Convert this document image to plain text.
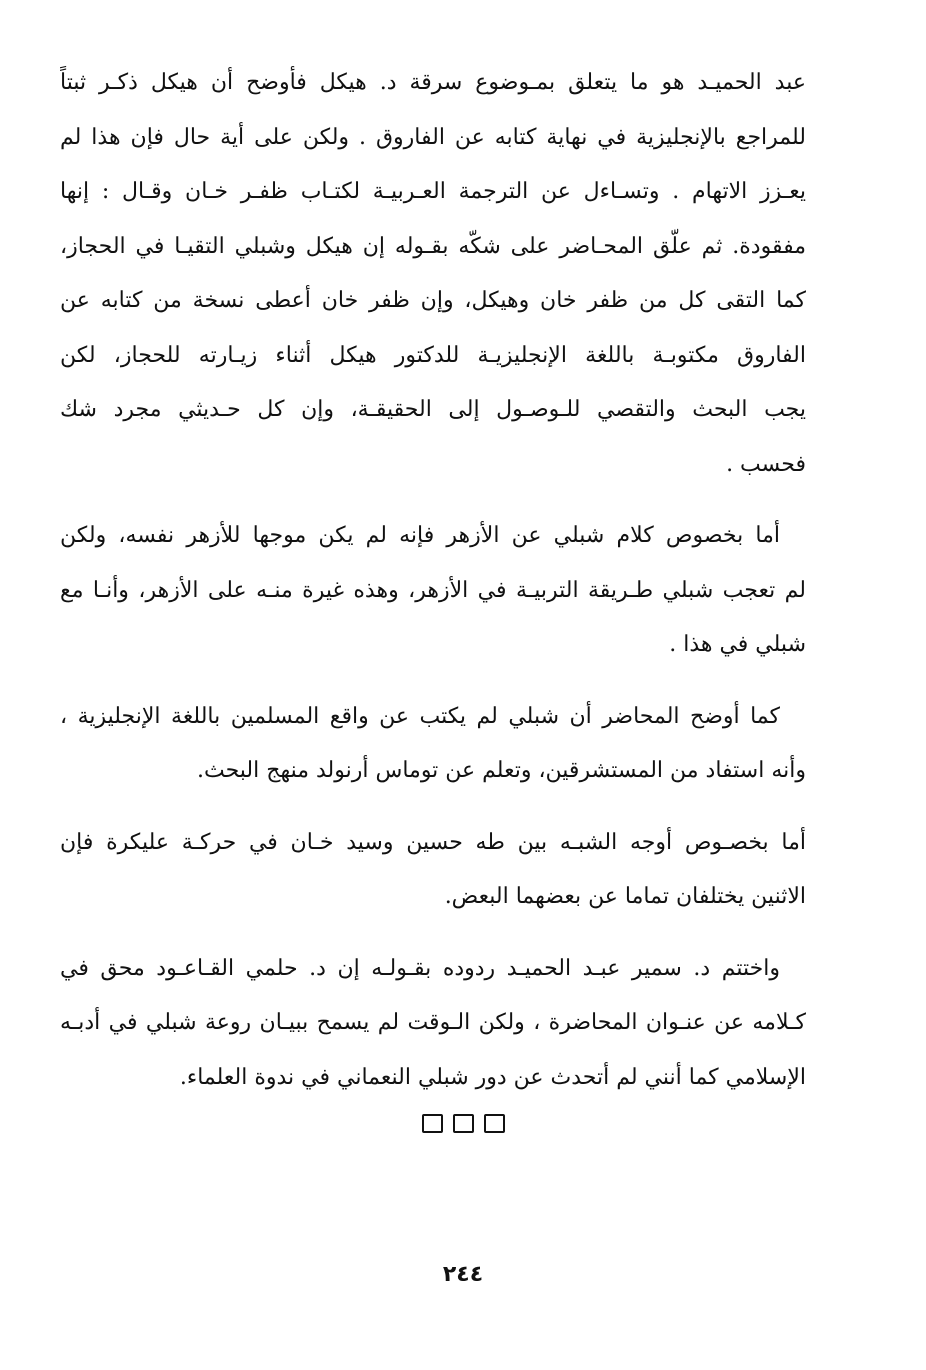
عبد الحميـد هو ما يتعلق بمـوضوع سرقة د. هيكل فأوضح أن هيكل ذكـر ثبتاً
للمراجع بالإنجليزية في نهاية كتابه عن الفاروق . ولكن على أية حال فإن هذا لم
يعـزز الاتهام . وتسـاءل عن الترجمة العـربيـة لكتـاب ظفـر خـان وقـال : إنها
مفقودة. ثم علّق المحـاضر على شكّه بقـوله إن هيكل وشبلي التقيـا في الحجاز،
كما التقى كل من ظفر خان وهيكل، وإن ظفر خان أعطى نسخة من كتابه عن
الفاروق مكتوبـة باللغة الإنجليزيـة للدكتور هيكل أثناء زيـارته للحجاز، لكن
يجب البحث والتقصي للـوصـول إلى الحقيقـة، وإن كل حـديثي مجرد شك
فحسب .
أما بخصوص كلام شبلي عن الأزهر فإنه لم يكن موجها للأزهر نفسه، ولكن
لم تعجب شبلي طـريقة التربيـة في الأزهر، وهذه غيرة منـه على الأزهر، وأنـا مع
شبلي في هذا .
كما أوضح المحاضر أن شبلي لم يكتب عن واقع المسلمين باللغة الإنجليزية ،
وأنه استفاد من المستشرقين، وتعلم عن توماس أرنولد منهج البحث.
أما بخصـوص أوجه الشبـه بين طه حسين وسيد خـان في حركـة عليكرة فإن
الاثنين يختلفان تماما عن بعضهما البعض.
واختتم د. سمير عبـد الحميـد ردوده بقـولـه إن د. حلمي القـاعـود محق في
كـلامه عن عنـوان المحاضرة ، ولكن الـوقت لم يسمح ببيـان روعة شبلي في أدبـه
الإسلامي كما أنني لم أتحدث عن دور شبلي النعماني في ندوة العلماء.
٢٤٤
